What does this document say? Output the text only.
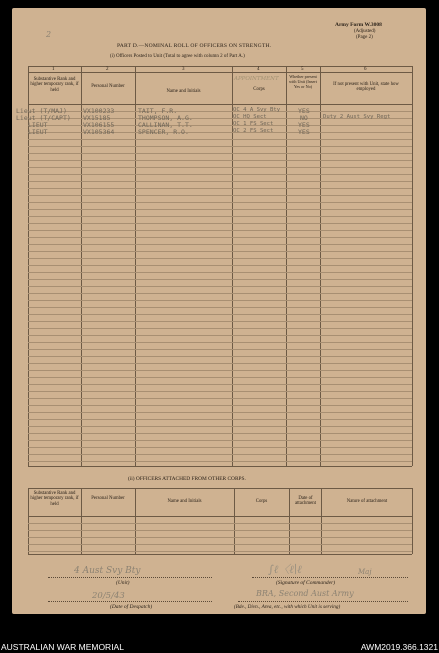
Army Form W.3008
(Adjusted)
(Page 2)
2
PART D.—NOMINAL ROLL OF OFFICERS ON STRENGTH.
(i) Officers Posted to Unit (Total to agree with column 2 of Part A.)
1	2	3	4	5	6
Substantive Rank and higher temporary rank, if held
Personal Number
Name and Initials
APPOINTMENT
Corps
Whether present with Unit (Insert Yes or No)	If not present with Unit, state how employed
Lieut (T/MAJ) VX100233	TAIT, F.R.	OC 4 A Svy Bty	YES
Lieut (T/CAPT) VX15185	THOMPSON, A.G.	OC HQ Sect	NO	Duty 2 Aust Svy Regt
LIEUT	VX106155	CALLINAN, T.T.	OC 1 FS Sect	YES
LIEUT	VX105364	SPENCER, R.O.	OC 2 FS Sect	YES
(ii) OFFICERS ATTACHED FROM OTHER CORPS.
Substantive Rank and higher temporary rank, if held
Personal Number
Name and Initials	Corps
Date of attachment	Nature of attachment
4 Aust Svy Bty
(Unit)
∫ℓ〈ℓ∣ℓ	Maj
(Signature of Commander)
20/5/43
(Date of Despatch)
BRA, Second Aust Army
(Bde., Divn., Area, etc., with which Unit is serving)
AUSTRALIAN WAR MEMORIAL	AWM2019.366.1321
